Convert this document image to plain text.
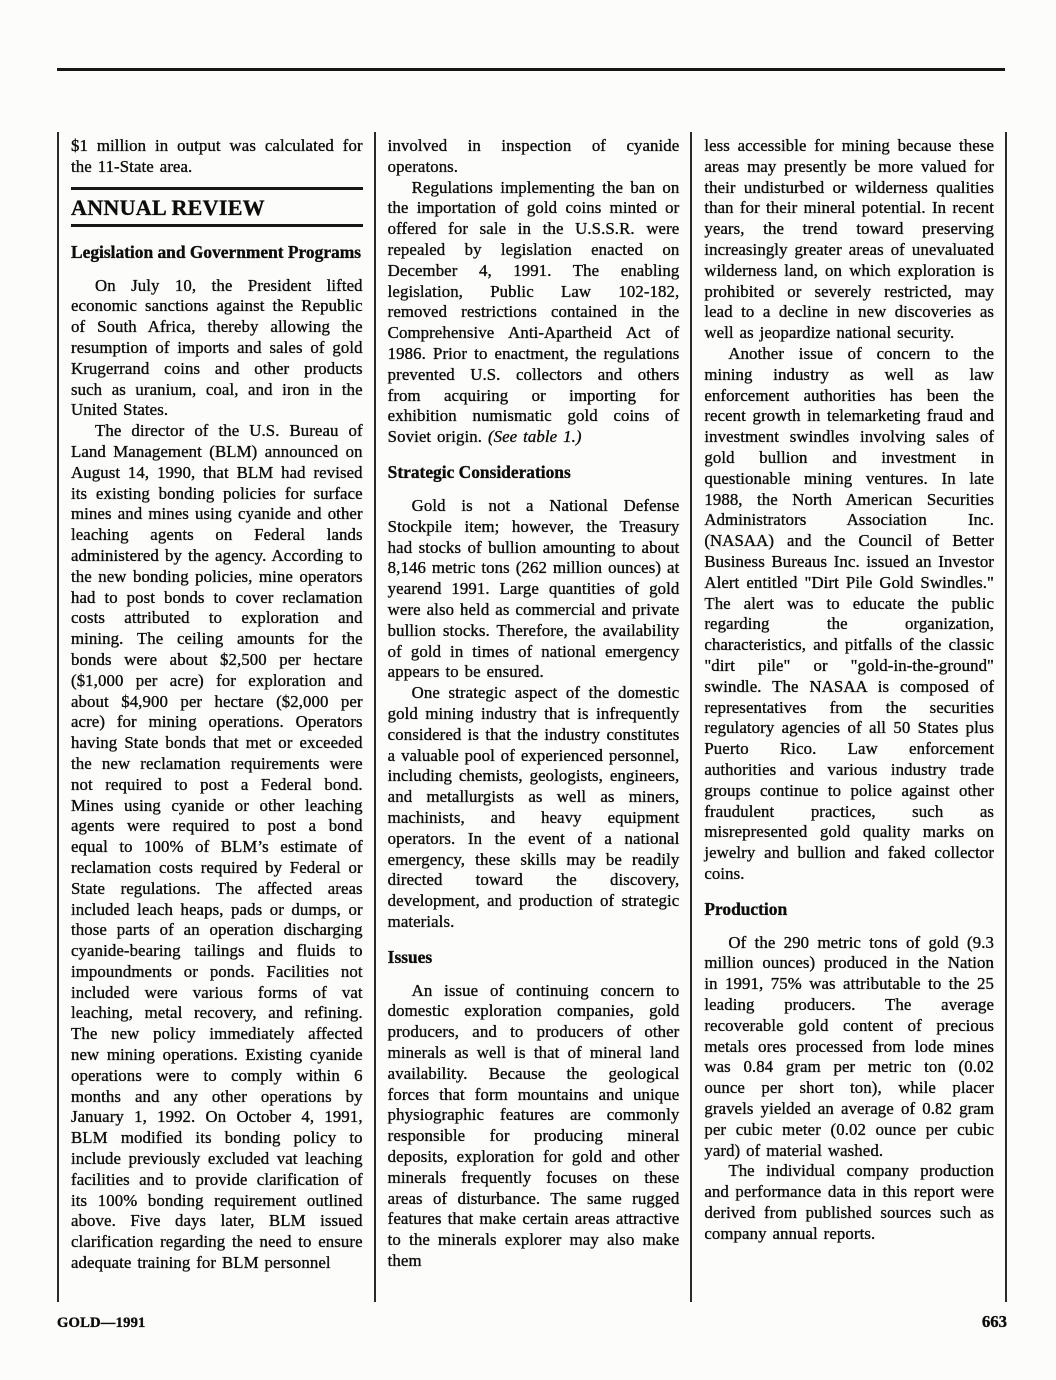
$1 million in output was calculated for the 11-State area.

ANNUAL REVIEW
Legislation and Government Programs

On July 10, the President lifted economic sanctions against the Republic of South Africa, thereby allowing the resumption of imports and sales of gold Krugerrand coins and other products such as uranium, coal, and iron in the United States.

The director of the U.S. Bureau of Land Management (BLM) announced on August 14, 1990, that BLM had revised its existing bonding policies for surface mines and mines using cyanide and other leaching agents on Federal lands administered by the agency. According to the new bonding policies, mine operators had to post bonds to cover reclamation costs attributed to exploration and mining. The ceiling amounts for the bonds were about $2,500 per hectare ($1,000 per acre) for exploration and about $4,900 per hectare ($2,000 per acre) for mining operations. Operators having State bonds that met or exceeded the new reclamation requirements were not required to post a Federal bond. Mines using cyanide or other leaching agents were required to post a bond equal to 100% of BLM’s estimate of reclamation costs required by Federal or State regulations. The affected areas included leach heaps, pads or dumps, or those parts of an operation discharging cyanide-bearing tailings and fluids to impoundments or ponds. Facilities not included were various forms of vat leaching, metal recovery, and refining. The new policy immediately affected new mining operations. Existing cyanide operations were to comply within 6 months and any other operations by January 1, 1992. On October 4, 1991, BLM modified its bonding policy to include previously excluded vat leaching facilities and to provide clarification of its 100% bonding requirement outlined above. Five days later, BLM issued clarification regarding the need to ensure adequate training for BLM personnel

involved in inspection of cyanide operatons.

Regulations implementing the ban on the importation of gold coins minted or offered for sale in the U.S.S.R. were repealed by legislation enacted on December 4, 1991. The enabling legislation, Public Law 102-182, removed restrictions contained in the Comprehensive Anti-Apartheid Act of 1986. Prior to enactment, the regulations prevented U.S. collectors and others from acquiring or importing for exhibition numismatic gold coins of Soviet origin. (See table 1.)

Strategic Considerations

Gold is not a National Defense Stockpile item; however, the Treasury had stocks of bullion amounting to about 8,146 metric tons (262 million ounces) at yearend 1991. Large quantities of gold were also held as commercial and private bullion stocks. Therefore, the availability of gold in times of national emergency appears to be ensured.

One strategic aspect of the domestic gold mining industry that is infrequently considered is that the industry constitutes a valuable pool of experienced personnel, including chemists, geologists, engineers, and metallurgists as well as miners, machinists, and heavy equipment operators. In the event of a national emergency, these skills may be readily directed toward the discovery, development, and production of strategic materials.

Issues

An issue of continuing concern to domestic exploration companies, gold producers, and to producers of other minerals as well is that of mineral land availability. Because the geological forces that form mountains and unique physiographic features are commonly responsible for producing mineral deposits, exploration for gold and other minerals frequently focuses on these areas of disturbance. The same rugged features that make certain areas attractive to the minerals explorer may also make them

less accessible for mining because these areas may presently be more valued for their undisturbed or wilderness qualities than for their mineral potential. In recent years, the trend toward preserving increasingly greater areas of unevaluated wilderness land, on which exploration is prohibited or severely restricted, may lead to a decline in new discoveries as well as jeopardize national security.

Another issue of concern to the mining industry as well as law enforcement authorities has been the recent growth in telemarketing fraud and investment swindles involving sales of gold bullion and investment in questionable mining ventures. In late 1988, the North American Securities Administrators Association Inc. (NASAA) and the Council of Better Business Bureaus Inc. issued an Investor Alert entitled "Dirt Pile Gold Swindles." The alert was to educate the public regarding the organization, characteristics, and pitfalls of the classic "dirt pile" or "gold-in-the-ground" swindle. The NASAA is composed of representatives from the securities regulatory agencies of all 50 States plus Puerto Rico. Law enforcement authorities and various industry trade groups continue to police against other fraudulent practices, such as misrepresented gold quality marks on jewelry and bullion and faked collector coins.

Production

Of the 290 metric tons of gold (9.3 million ounces) produced in the Nation in 1991, 75% was attributable to the 25 leading producers. The average recoverable gold content of precious metals ores processed from lode mines was 0.84 gram per metric ton (0.02 ounce per short ton), while placer gravels yielded an average of 0.82 gram per cubic meter (0.02 ounce per cubic yard) of material washed.

The individual company production and performance data in this report were derived from published sources such as company annual reports.

GOLD—1991	663
